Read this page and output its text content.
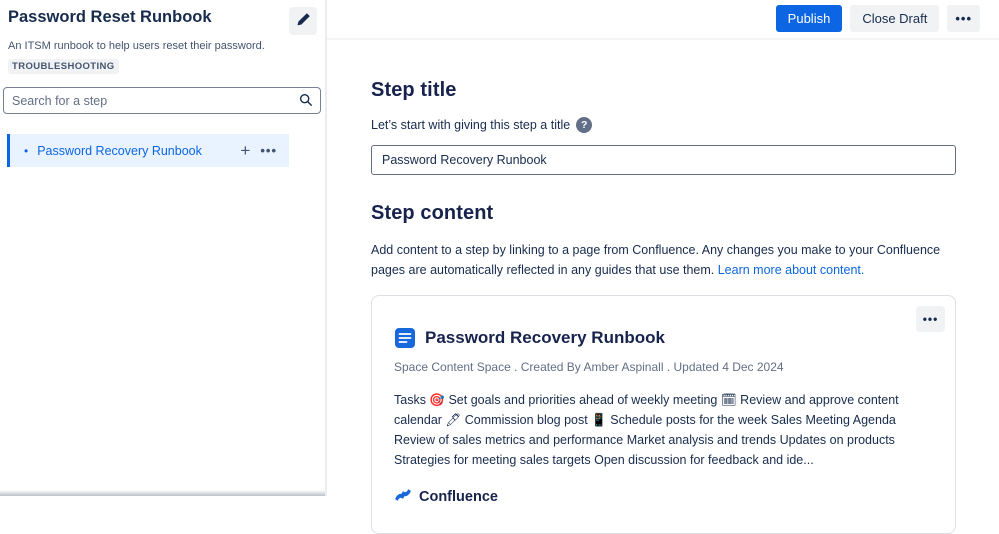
Password Reset Runbook
An ITSM runbook to help users reset their password.
TROUBLESHOOTING
Search for a step
• Password Recovery Runbook	+ •••
Publish	Close Draft	•••
Step title
Let’s start with giving this step a title	?
Password Recovery Runbook
Step content

Add content to a step by linking to a page from Confluence. Any changes you make to your Confluence pages are automatically reflected in any guides that use them. Learn more about content.

•••
Password Recovery Runbook
Space Content Space . Created By Amber Aspinall . Updated 4 Dec 2024
Tasks 🎯 Set goals and priorities ahead of weekly meeting 🗓 Review and approve content calendar 🖊 Commission blog post 📱 Schedule posts for the week Sales Meeting Agenda Review of sales metrics and performance Market analysis and trends Updates on products Strategies for meeting sales targets Open discussion for feedback and ide...
Confluence
